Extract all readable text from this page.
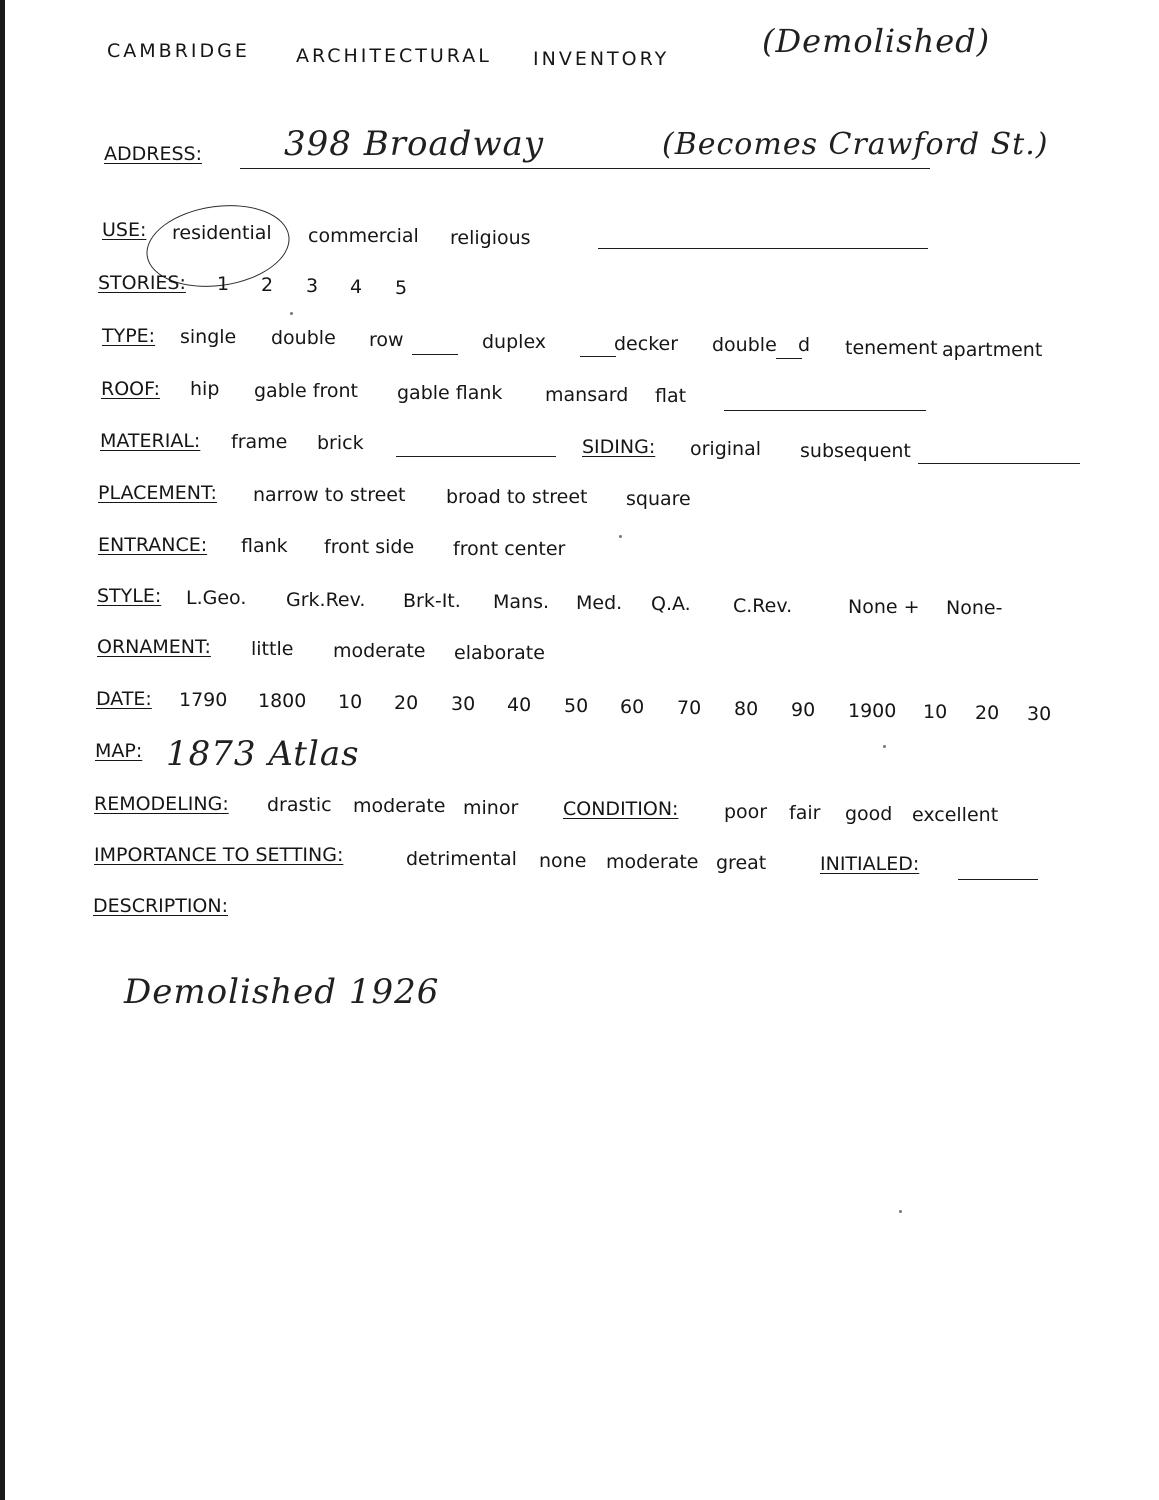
CAMBRIDGE ARCHITECTURAL INVENTORY	(Demolished)
ADDRESS: 398 Broadway	(Becomes Crawford St.)
USE: residential commercial religious
STORIES: 1 2 3 4 5
TYPE: single double row	duplex	decker double d tenement apartment
ROOF: hip gable front gable flank mansard flat
MATERIAL: frame brick	SIDING: original subsequent
PLACEMENT: narrow to street broad to street square
ENTRANCE: flank front side front center
STYLE: L.Geo. Grk.Rev. Brk-It. Mans. Med. Q.A. C.Rev.	None + None-
ORNAMENT: little moderate elaborate
DATE: 1790 1800 10 20 30 40 50 60 70 80 90 1900 10 20 30
MAP: 1873 Atlas
REMODELING: drastic moderate minor CONDITION: poor fair good excellent
IMPORTANCE TO SETTING:	detrimental none moderate great	INITIALED:
DESCRIPTION:
Demolished 1926
